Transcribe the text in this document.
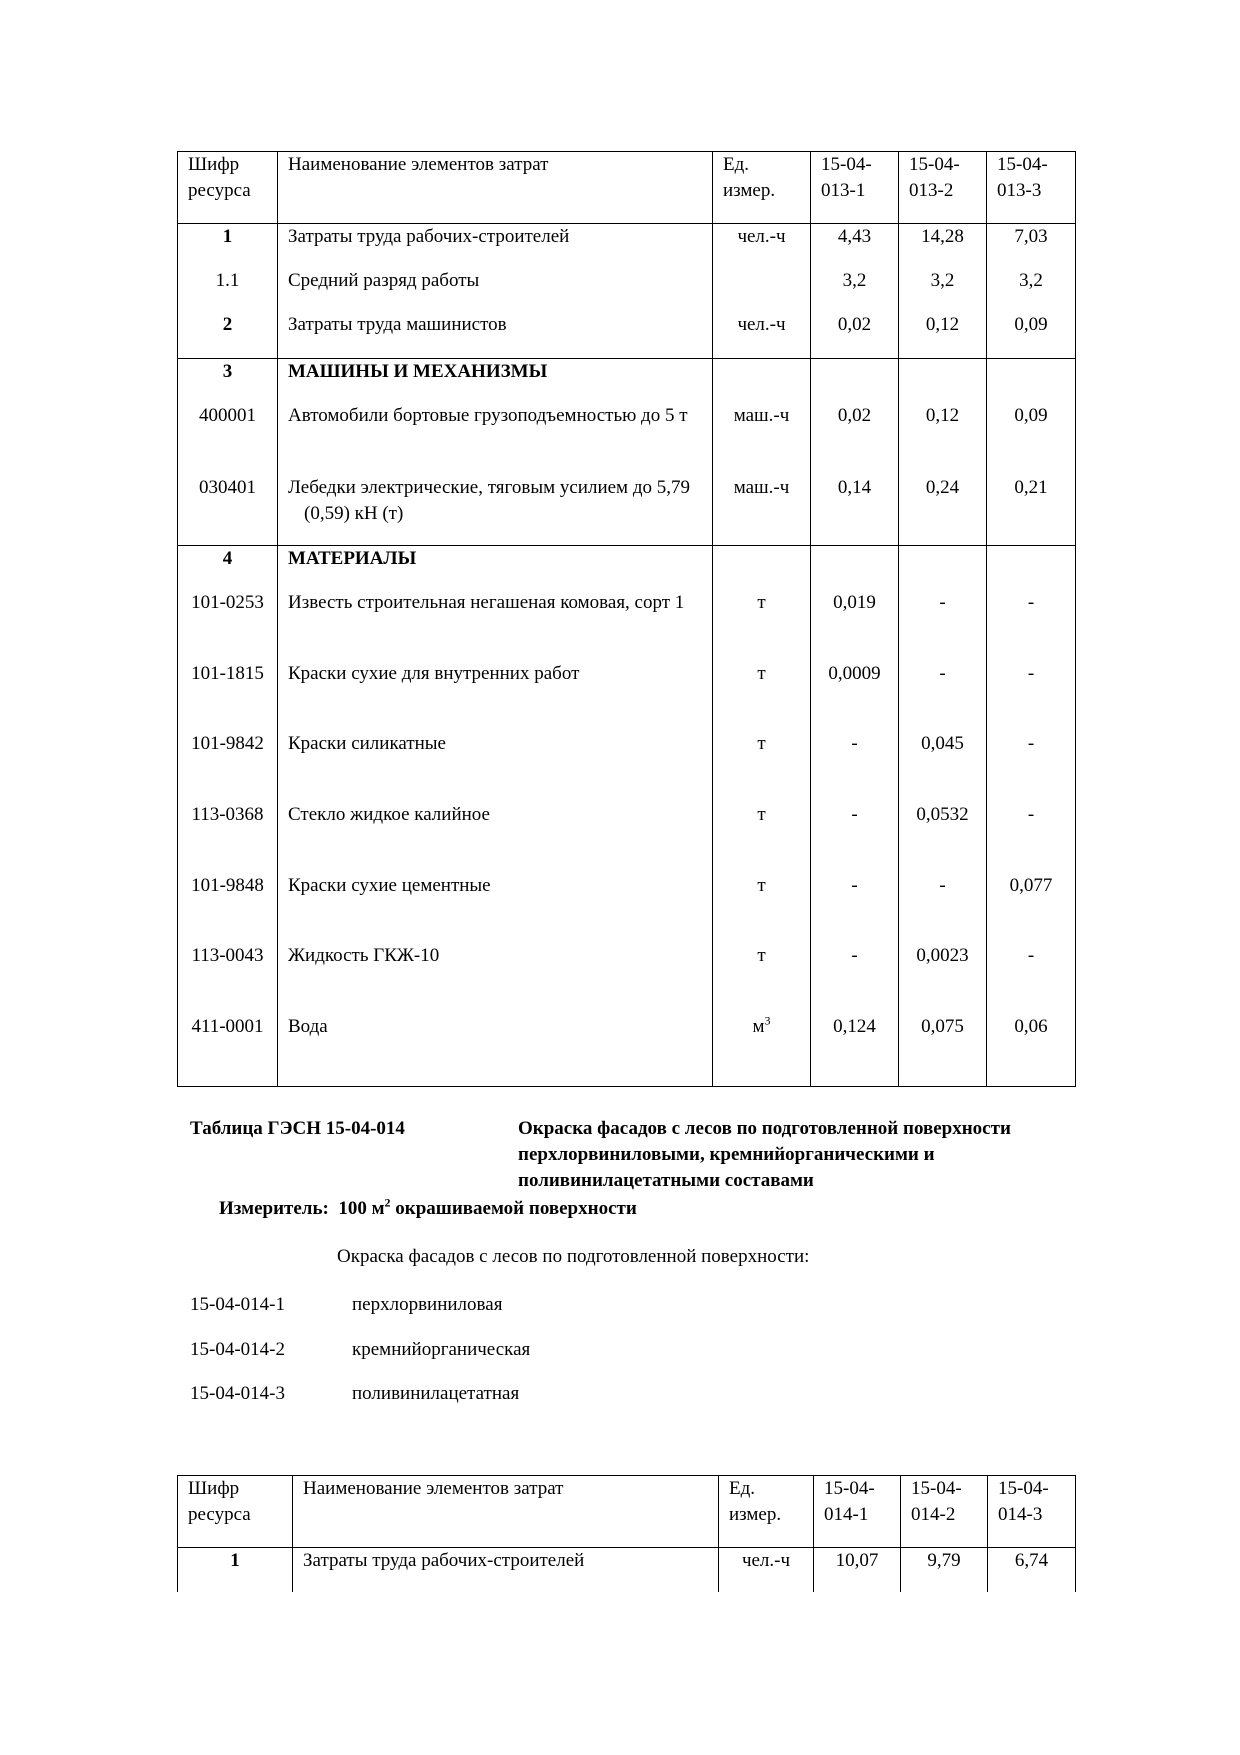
Шифр ресурса	Наименование элементов затрат	Ед. измер.	15-04-013-1	15-04-013-2	15-04-013-3
1	Затраты труда рабочих-строителей	чел.-ч	4,43	14,28	7,03
1.1	Средний разряд работы		3,2	3,2	3,2
2	Затраты труда машинистов	чел.-ч	0,02	0,12	0,09
3	МАШИНЫ И МЕХАНИЗМЫ				
400001	Автомобили бортовые грузоподъемностью до 5 т	маш.-ч	0,02	0,12	0,09
030401	Лебедки электрические, тяговым усилием до 5,79 (0,59) кН (т)	маш.-ч	0,14	0,24	0,21
4	МАТЕРИАЛЫ				
101-0253	Известь строительная негашеная комовая, сорт 1	т	0,019	-	-
101-1815	Краски сухие для внутренних работ	т	0,0009	-	-
101-9842	Краски силикатные	т	-	0,045	-
113-0368	Стекло жидкое калийное	т	-	0,0532	-
101-9848	Краски сухие цементные	т	-	-	0,077
113-0043	Жидкость ГКЖ-10	т	-	0,0023	-
411-0001	Вода	$м^3$	0,124	0,075	0,06
Таблица ГЭСН 15-04-014	Окраска фасадов с лесов по подготовленной поверхности перхлорвиниловыми, кремнийорганическими и поливинилацетатными составами
Измеритель: 100 $м^2$ окрашиваемой поверхности
Окраска фасадов с лесов по подготовленной поверхности:
15-04-014-1	перхлорвиниловая
15-04-014-2	кремнийорганическая
15-04-014-3	поливинилацетатная
Шифр ресурса	Наименование элементов затрат	Ед. измер.	15-04-014-1	15-04-014-2	15-04-014-3
1	Затраты труда рабочих-строителей	чел.-ч	10,07	9,79	6,74
